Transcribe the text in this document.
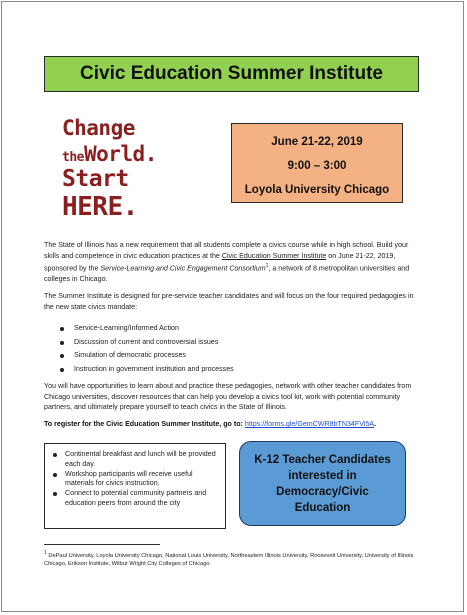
Civic Education Summer Institute
Change
theWorld.
Start
HERE.
June 21-22, 2019
9:00 – 3:00
Loyola University Chicago
The State of Illinois has a new requirement that all students complete a civics course while in high school. Build your skills and competence in civic education practices at the Civic Education Summer Institute on June 21-22, 2019, sponsored by the Service-Learning and Civic Engagement Consortium$^1$, a network of 8 metropolitan universities and colleges in Chicago.
The Summer Institute is designed for pre-service teacher candidates and will focus on the four required pedagogies in the new state civics mandate:
Service-Learning/Informed Action
Discussion of current and controversial issues
Simulation of democratic processes
Instruction in government institution and processes
You will have opportunities to learn about and practice these pedagogies, network with other teacher candidates from Chicago universities, discover resources that can help you develop a civics tool kit, work with potential community partners, and ultimately prepare yourself to teach civics in the State of Illinois.
To register for the Civic Education Summer Institute, go to: https://forms.gle/GemCWR8bTN34FVi5A.
Continental breakfast and lunch will be provided each day.
Workshop participants will receive useful materials for civics instruction.
Connect to potential community partners and education peers from around the city
K-12 Teacher Candidates interested in Democracy/Civic Education
$^1$ DePaul University, Loyola University Chicago, National Louis University, Northeastern Illinois University, Roosevelt University, University of Illinois Chicago, Erikson Institute, Wilbur Wright City Colleges of Chicago
